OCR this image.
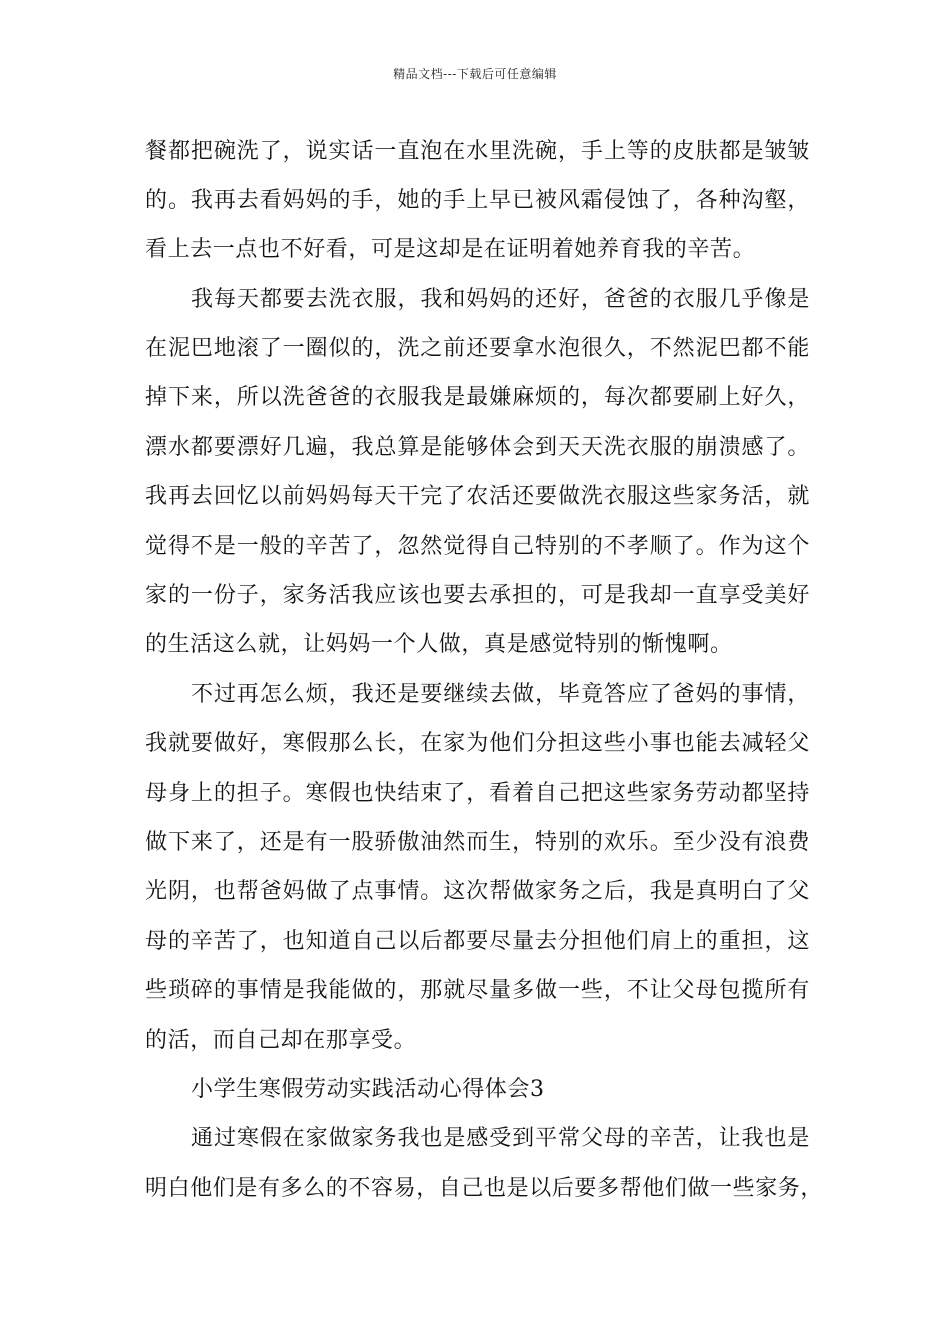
精品文档---下载后可任意编辑
餐都把碗洗了，说实话一直泡在水里洗碗，手上等的皮肤都是皱皱
的。我再去看妈妈的手，她的手上早已被风霜侵蚀了，各种沟壑，
看上去一点也不好看，可是这却是在证明着她养育我的辛苦。
我每天都要去洗衣服，我和妈妈的还好，爸爸的衣服几乎像是
在泥巴地滚了一圈似的，洗之前还要拿水泡很久，不然泥巴都不能
掉下来，所以洗爸爸的衣服我是最嫌麻烦的，每次都要刷上好久，
漂水都要漂好几遍，我总算是能够体会到天天洗衣服的崩溃感了。
我再去回忆以前妈妈每天干完了农活还要做洗衣服这些家务活，就
觉得不是一般的辛苦了，忽然觉得自己特别的不孝顺了。作为这个
家的一份子，家务活我应该也要去承担的，可是我却一直享受美好
的生活这么就，让妈妈一个人做，真是感觉特别的惭愧啊。
不过再怎么烦，我还是要继续去做，毕竟答应了爸妈的事情，
我就要做好，寒假那么长，在家为他们分担这些小事也能去减轻父
母身上的担子。寒假也快结束了，看着自己把这些家务劳动都坚持
做下来了，还是有一股骄傲油然而生，特别的欢乐。至少没有浪费
光阴，也帮爸妈做了点事情。这次帮做家务之后，我是真明白了父
母的辛苦了，也知道自己以后都要尽量去分担他们肩上的重担，这
些琐碎的事情是我能做的，那就尽量多做一些，不让父母包揽所有
的活，而自己却在那享受。
小学生寒假劳动实践活动心得体会3
通过寒假在家做家务我也是感受到平常父母的辛苦，让我也是
明白他们是有多么的不容易，自己也是以后要多帮他们做一些家务，
